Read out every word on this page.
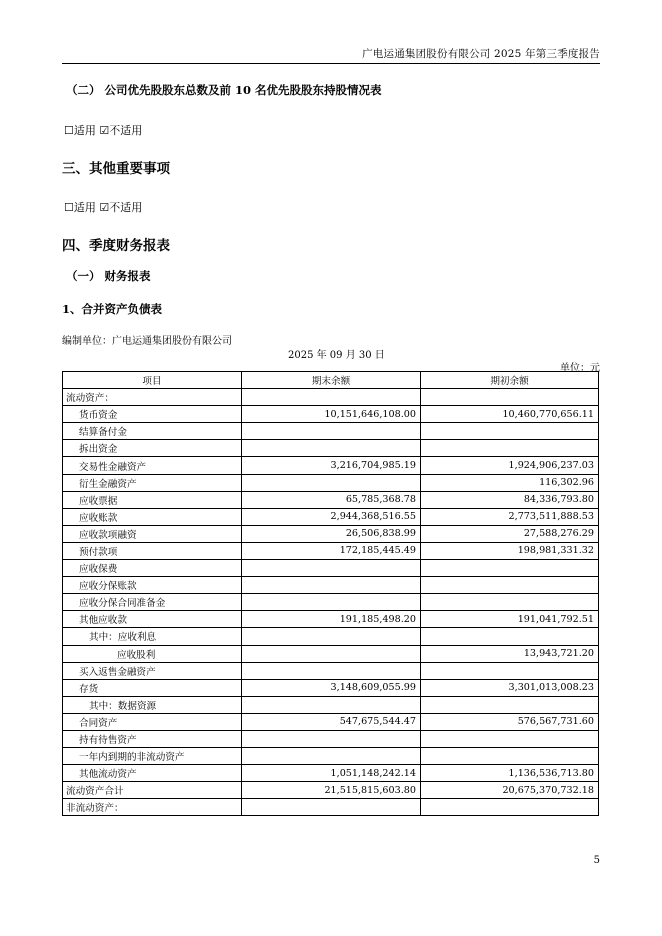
广电运通集团股份有限公司 2025 年第三季度报告
（二） 公司优先股股东总数及前 10 名优先股股东持股情况表
☐适用 ☑不适用
三、其他重要事项
☐适用 ☑不适用
四、季度财务报表
（一） 财务报表
1、合并资产负债表
编制单位：广电运通集团股份有限公司
2025 年 09 月 30 日
单位：元
项目	期末余额	期初余额
流动资产：		
货币资金	10,151,646,108.00	10,460,770,656.11
结算备付金		
拆出资金		
交易性金融资产	3,216,704,985.19	1,924,906,237.03
衍生金融资产		116,302.96
应收票据	65,785,368.78	84,336,793.80
应收账款	2,944,368,516.55	2,773,511,888.53
应收款项融资	26,506,838.99	27,588,276.29
预付款项	172,185,445.49	198,981,331.32
应收保费		
应收分保账款		
应收分保合同准备金		
其他应收款	191,185,498.20	191,041,792.51
其中：应收利息		
应收股利		13,943,721.20
买入返售金融资产		
存货	3,148,609,055.99	3,301,013,008.23
其中：数据资源		
合同资产	547,675,544.47	576,567,731.60
持有待售资产		
一年内到期的非流动资产		
其他流动资产	1,051,148,242.14	1,136,536,713.80
流动资产合计	21,515,815,603.80	20,675,370,732.18
非流动资产：		
5
